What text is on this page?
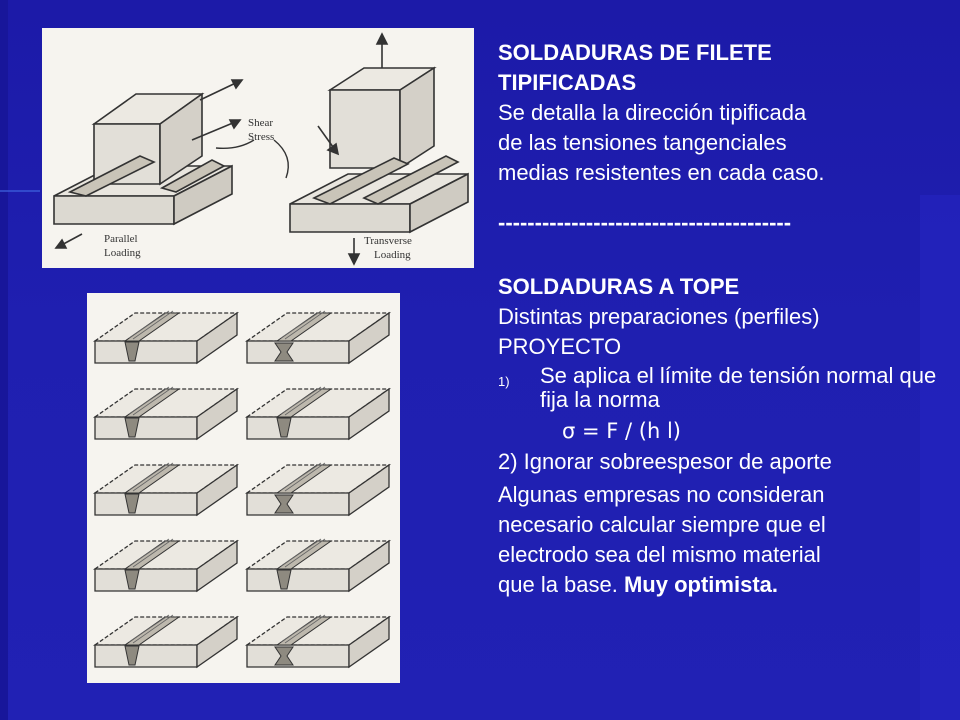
Shear
Stress
Parallel
Loading
Transverse
Loading

SOLDADURAS DE FILETE

TIPIFICADAS

Se detalla la dirección tipificada

de las tensiones tangenciales

medias resistentes en cada caso.

----------------------------------------

SOLDADURAS A TOPE

Distintas preparaciones (perfiles)

PROYECTO

1)	Se aplica el límite de tensión normal que fija la norma

σ = F / (h l)

2) Ignorar sobreespesor de aporte

Algunas empresas no consideran

necesario calcular siempre que el

electrodo sea del mismo material

que la base. Muy optimista.
